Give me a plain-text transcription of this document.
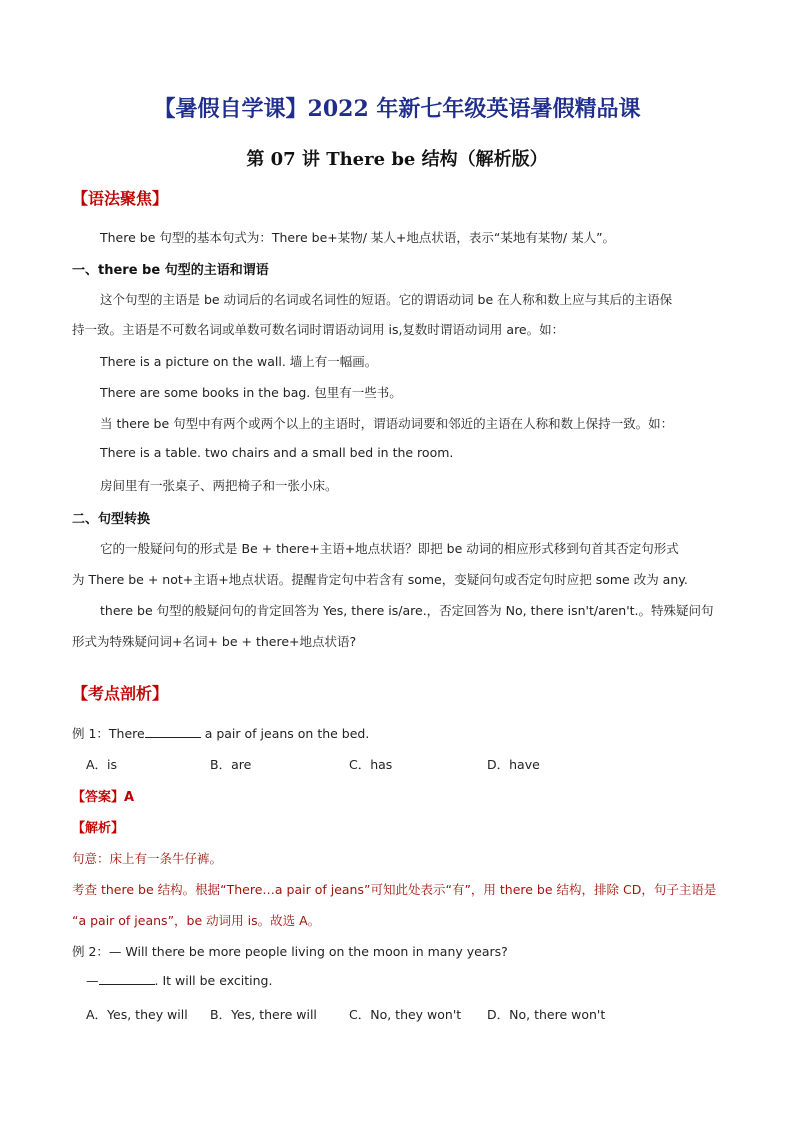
【暑假自学课】2022 年新七年级英语暑假精品课
第 07 讲 There be 结构（解析版）
【语法聚焦】
There be 句型的基本句式为：There be+某物/ 某人+地点状语，表示“某地有某物/ 某人”。
一、there be 句型的主语和谓语
这个句型的主语是 be 动词后的名词或名词性的短语。它的谓语动词 be 在人称和数上应与其后的主语保
持一致。主语是不可数名词或单数可数名词时谓语动词用 is,复数时谓语动词用 are。如：
There is a picture on the wall. 墙上有一幅画。
There are some books in the bag. 包里有一些书。
当 there be 句型中有两个或两个以上的主语时，谓语动词要和邻近的主语在人称和数上保持一致。如：
There is a table. two chairs and a small bed in the room.
房间里有一张桌子、两把椅子和一张小床。
二、句型转换
它的一般疑问句的形式是 Be + there+主语+地点状语？即把 be 动词的相应形式移到句首其否定句形式
为 There be + not+主语+地点状语。提醒肯定句中若含有 some，变疑问句或否定句时应把 some 改为 any.
there be 句型的般疑问句的肯定回答为 Yes, there is/are.，否定回答为 No, there isn't/aren't.。特殊疑问句
形式为特殊疑问词+名词+ be + there+地点状语?
【考点剖析】
例 1：There	a pair of jeans on the bed.
A．is	B．are	C．has	D．have
【答案】A
【解析】
句意：床上有一条牛仔裤。
考查 there be 结构。根据“There…a pair of jeans”可知此处表示“有”，用 there be 结构，排除 CD，句子主语是
“a pair of jeans”，be 动词用 is。故选 A。
例 2：— Will there be more people living on the moon in many years?
—	. It will be exciting.
A．Yes, they will B．Yes, there will	C．No, they won't D．No, there won't
